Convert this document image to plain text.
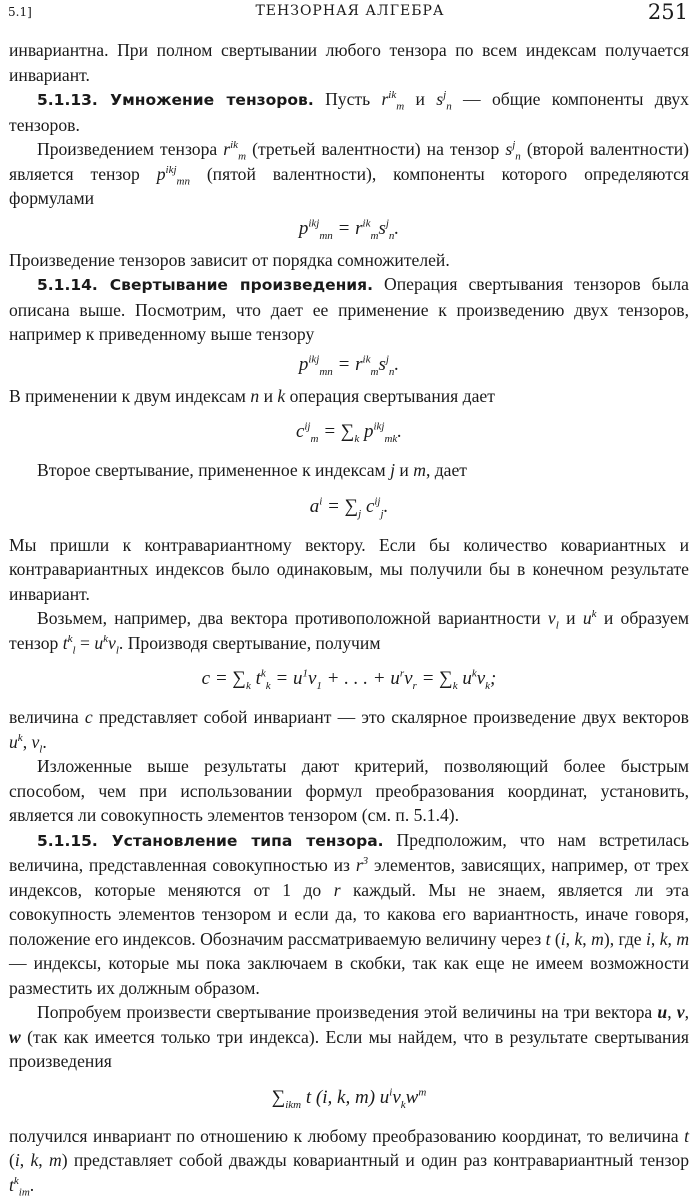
5.1]	ТЕНЗОРНАЯ АЛГЕБРА	251

инвариантна. При полном свертывании любого тензора по всем индексам получается инвариант.

5.1.13. Умножение тензоров. Пусть $r^{ik}_m$ и $s^j_n$ — общие компоненты двух тензоров.

Произведением тензора $r^{ik}_m$ (третьей валентности) на тензор $s^j_n$ (второй валентности) является тензор $p^{ikj}_{mn}$ (пятой валентности), компоненты которого определяются формулами

$p^{ikj}_{mn} = r^{ik}_ms^j_n$.

Произведение тензоров зависит от порядка сомножителей.

5.1.14. Свертывание произведения. Операция свертывания тензоров была описана выше. Посмотрим, что дает ее применение к произведению двух тензоров, например к приведенному выше тензору

$p^{ikj}_{mn} = r^{ik}_ms^j_n$.

В применении к двум индексам n и k операция свертывания дает

$c^{ij}_m = \sum_k$ $p^{ikj}_{mk}$.

Второе свертывание, примененное к индексам j и m, дает

$a^i = \sum_j$ $c^{ij}_j$.

Мы пришли к контравариантному вектору. Если бы количество ковариантных и контравариантных индексов было одинаковым, мы получили бы в конечном результате инвариант.

Возьмем, например, два вектора противоположной вариантности $v_l$ и $u^k$ и образуем тензор $t^k_l = u^kv_l$. Производя свертывание, получим

$c = \sum_k$ $t^k_k = u^1v_1$ + . . . + $u^rv_r = \sum_k$ $u^kv_k$;

величина c представляет собой инвариант — это скалярное произведение двух векторов $u^k$, $v_l$.

Изложенные выше результаты дают критерий, позволяющий более быстрым способом, чем при использовании формул преобразования координат, установить, является ли совокупность элементов тензором (см. п. 5.1.4).

5.1.15. Установление типа тензора. Предположим, что нам встретилась величина, представленная совокупностью из $r^3$ элементов, зависящих, например, от трех индексов, которые меняются от 1 до r каждый. Мы не знаем, является ли эта совокупность элементов тензором и если да, то какова его вариантность, иначе говоря, положение его индексов. Обозначим рассматриваемую величину через t (i, k, m), где i, k, m — индексы, которые мы пока заключаем в скобки, так как еще не имеем возможности разместить их должным образом.

Попробуем произвести свертывание произведения этой величины на три вектора u, v, w (так как имеется только три индекса). Если мы найдем, что в результате свертывания произведения

$\sum_{ikm}$ t (i, k, m) $u^iv_kw^m$

получился инвариант по отношению к любому преобразованию координат, то величина t (i, k, m) представляет собой дважды ковариантный и один раз контравариантный тензор $t^k_{im}$.
